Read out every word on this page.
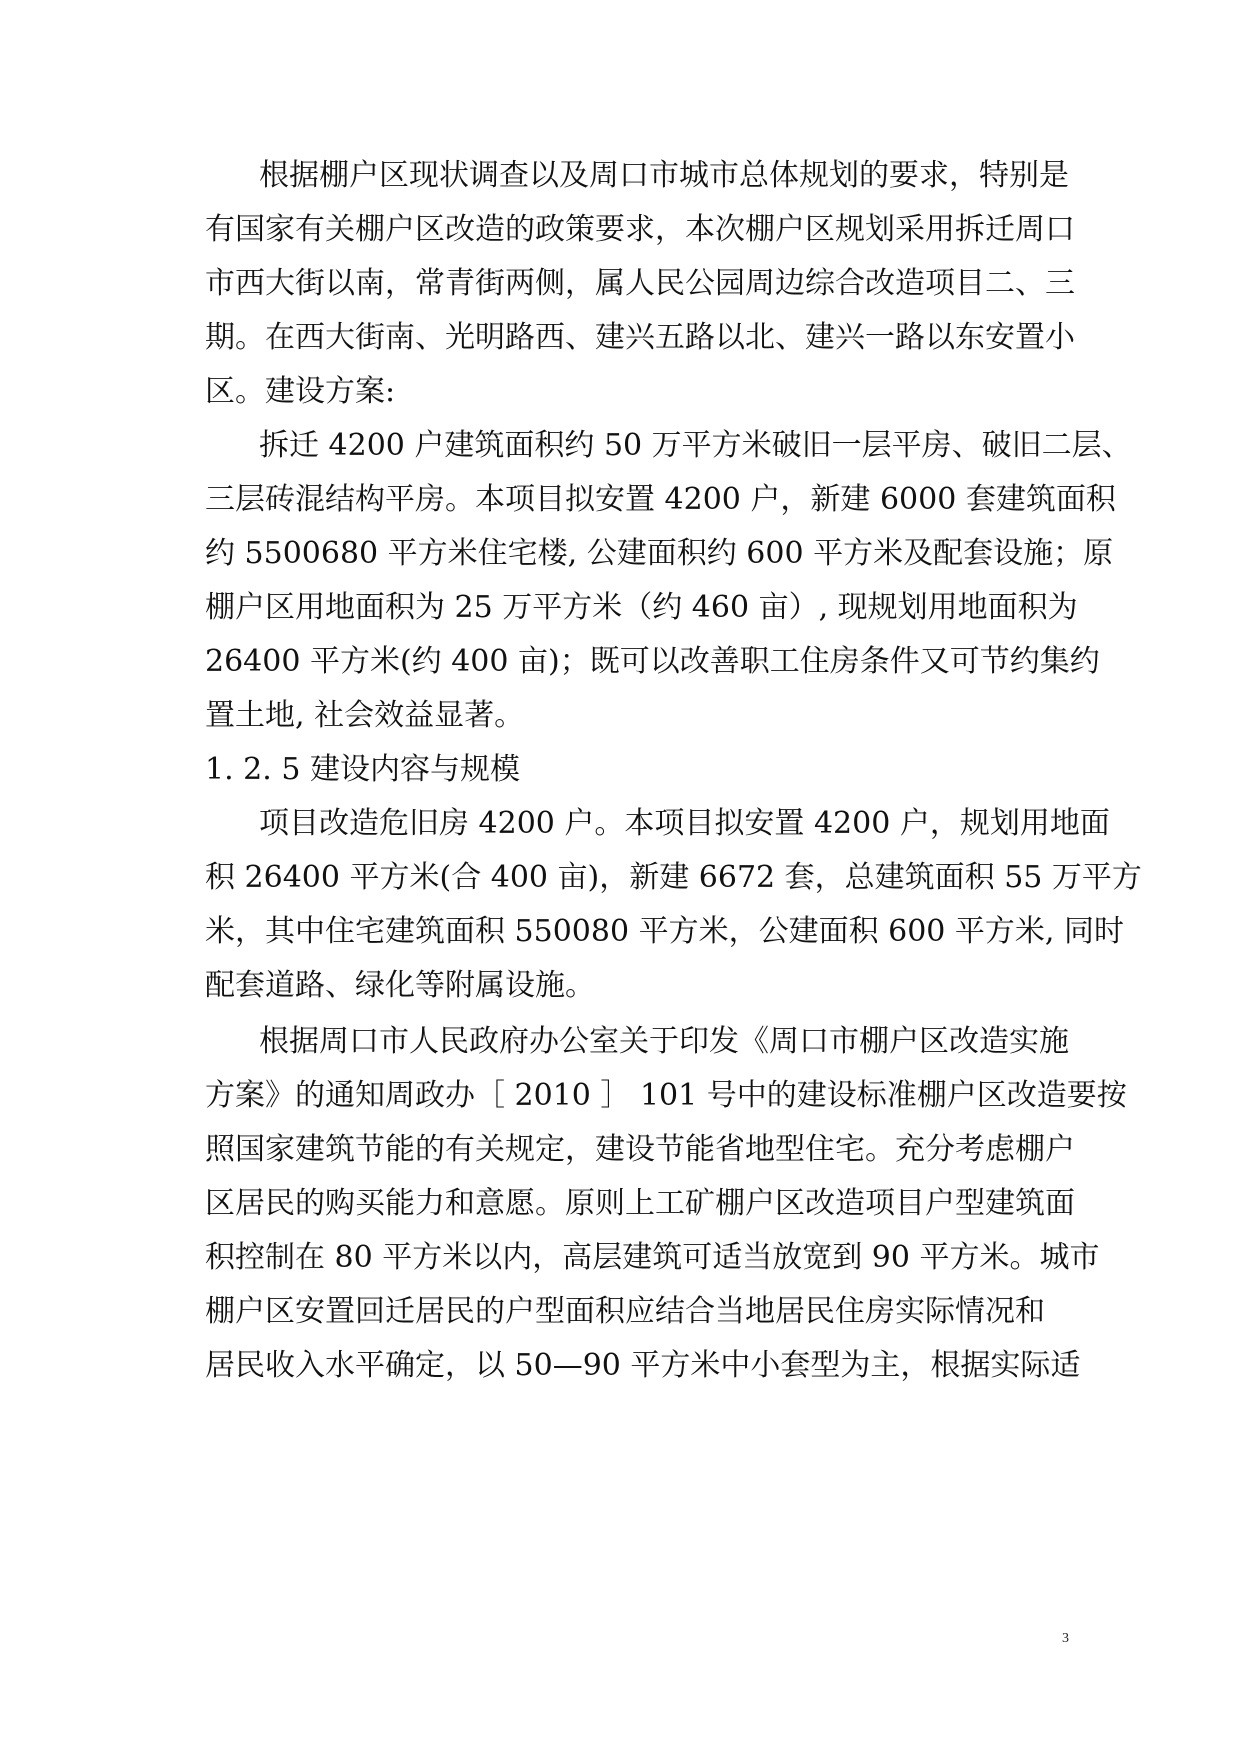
根据棚户区现状调查以及周口市城市总体规划的要求，特别是
有国家有关棚户区改造的政策要求，本次棚户区规划采用拆迁周口
市西大街以南，常青街两侧，属人民公园周边综合改造项目二、三
期。在西大街南、光明路西、建兴五路以北、建兴一路以东安置小
区。建设方案:
拆迁 4200 户建筑面积约 50 万平方米破旧一层平房、破旧二层、
三层砖混结构平房。本项目拟安置 4200 户，新建 6000 套建筑面积
约 5500680 平方米住宅楼, 公建面积约 600 平方米及配套设施；原
棚户区用地面积为 25 万平方米（约 460 亩）, 现规划用地面积为
26400 平方米(约 400 亩)；既可以改善职工住房条件又可节约集约
置土地, 社会效益显著。
1. 2. 5 建设内容与规模
项目改造危旧房 4200 户。本项目拟安置 4200 户，规划用地面
积 26400 平方米(合 400 亩)，新建 6672 套，总建筑面积 55 万平方
米，其中住宅建筑面积 550080 平方米，公建面积 600 平方米, 同时
配套道路、绿化等附属设施。
根据周口市人民政府办公室关于印发《周口市棚户区改造实施
方案》的通知周政办［ 2010 ］ 101 号中的建设标准棚户区改造要按
照国家建筑节能的有关规定，建设节能省地型住宅。充分考虑棚户
区居民的购买能力和意愿。原则上工矿棚户区改造项目户型建筑面
积控制在 80 平方米以内，高层建筑可适当放宽到 90 平方米。城市
棚户区安置回迁居民的户型面积应结合当地居民住房实际情况和
居民收入水平确定，以 50—90 平方米中小套型为主，根据实际适
3
